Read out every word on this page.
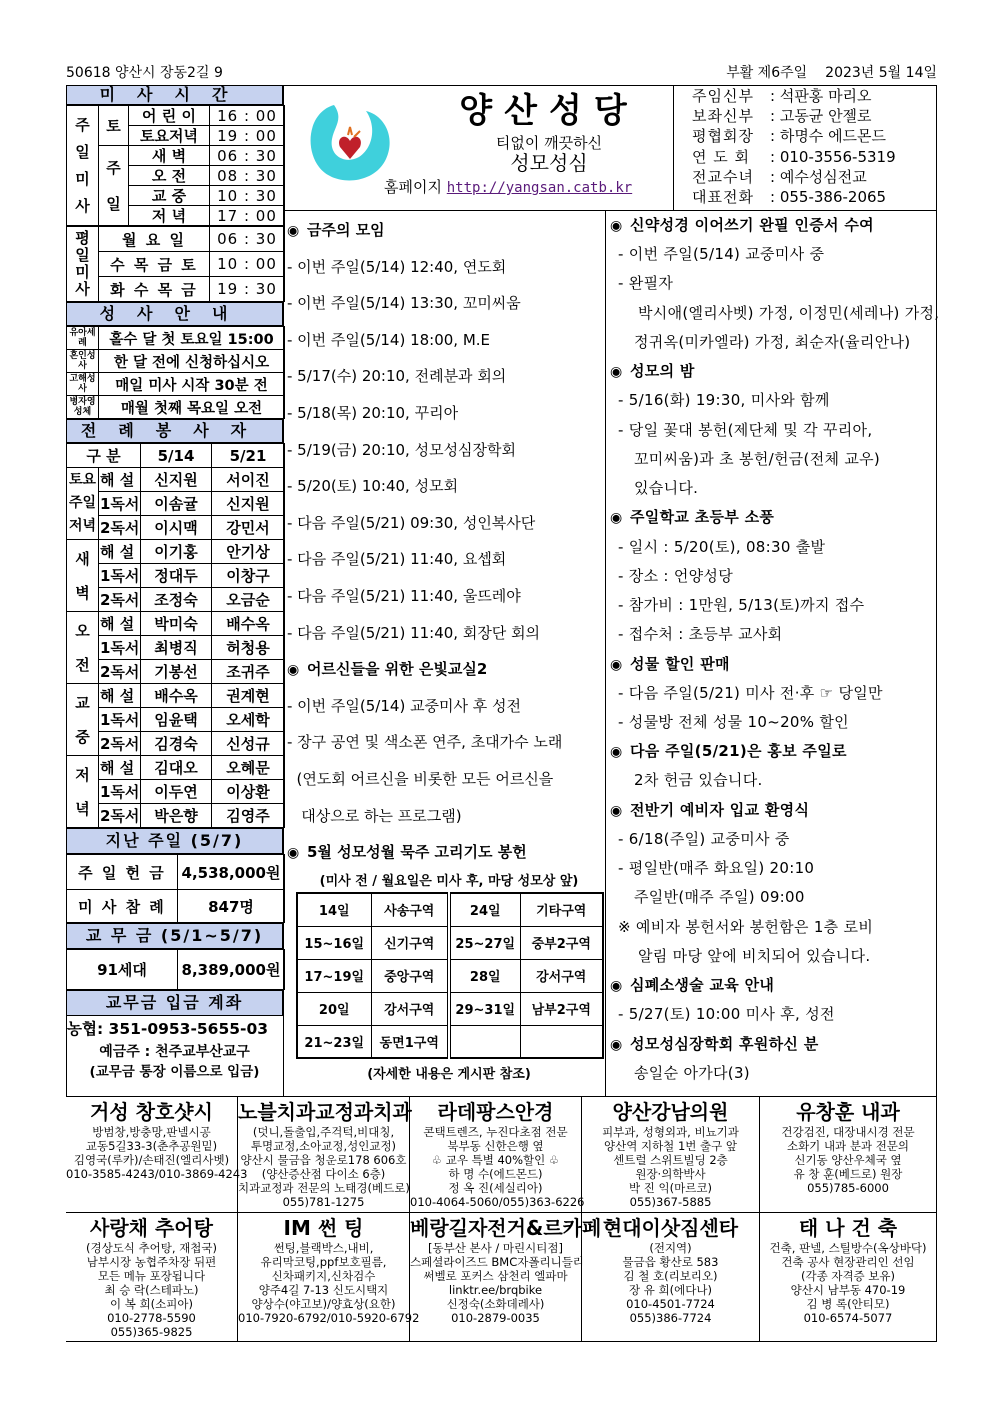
50618 양산시 장동2길 9	부활 제6주일 2023년 5월 14일
미사시간
주일미사	토	어 린 이	16 : 00
		토요저녁	19 : 00
	주일	새 벽	06 : 30
		오 전	08 : 30
		교 중	10 : 30
		저 녁	17 : 00
평일미사	월 요 일	06 : 30
	수 목 금 토	10 : 00
	화 수 목 금	19 : 30
성사안내
유아세례	홀수 달 첫 토요일 15:00
혼인성사	한 달 전에 신청하십시오
고해성사	매일 미사 시작 30분 전
병자영성체	매월 첫째 목요일 오전
전례봉사자
구 분		5/14	5/21
토요주일저녁	해 설	신지원	서이진
	1독서	이솜귤	신지원
	2독서	이시맥	강민서
새벽	해 설	이기홍	안기상
	1독서	정대두	이창구
	2독서	조정숙	오금순
오전	해 설	박미숙	배수옥
	1독서	최병직	허청용
	2독서	기봉선	조귀주
교중	해 설	배수옥	권계현
	1독서	임윤택	오세학
	2독서	김경숙	신성규
저녁	해 설	김대오	오혜문
	1독서	이두연	이상환
	2독서	박은향	김영주
지난 주일 (5/7)
주 일 헌 금	4,538,000원
미 사 참 례	847명
교 무 금 (5/1~5/7)
91세대	8,389,000원
교무금 입금 계좌
농협: 351-0953-5655-03
예금주 : 천주교부산교구
(교무금 통장 이름으로 입금)
양산성당
티없이 깨끗하신
성모성심
홈페이지 http://yangsan.catb.kr
주임신부 : 석판홍 마리오
보좌신부 : 고동균 안젤로
평협회장 : 하명수 에드몬드
연 도 회 : 010-3556-5319
전교수녀 : 예수성심전교
대표전화 : 055-386-2065
◉ 금주의 모임
- 이번 주일(5/14) 12:40, 연도회
- 이번 주일(5/14) 13:30, 꼬미씨움
- 이번 주일(5/14) 18:00, M.E
- 5/17(수) 20:10, 전례분과 회의
- 5/18(목) 20:10, 꾸리아
- 5/19(금) 20:10, 성모성심장학회
- 5/20(토) 10:40, 성모회
- 다음 주일(5/21) 09:30, 성인복사단
- 다음 주일(5/21) 11:40, 요셉회
- 다음 주일(5/21) 11:40, 울뜨레야
- 다음 주일(5/21) 11:40, 회장단 회의
◉ 어르신들을 위한 은빛교실2
- 이번 주일(5/14) 교중미사 후 성전
- 장구 공연 및 색소폰 연주, 초대가수 노래
(연도회 어르신을 비롯한 모든 어르신을
대상으로 하는 프로그램)
◉ 5월 성모성월 묵주 고리기도 봉헌
(미사 전 / 월요일은 미사 후, 마당 성모상 앞)
14일	사송구역	24일	기타구역
15~16일	신기구역	25~27일	중부2구역
17~19일	중앙구역	28일	강서구역
20일	강서구역	29~31일	남부2구역
21~23일	동면1구역		
(자세한 내용은 게시판 참조)
◉ 신약성경 이어쓰기 완필 인증서 수여
- 이번 주일(5/14) 교중미사 중
- 완필자
박시애(엘리사벳) 가정, 이정민(세레나) 가정,
정귀옥(미카엘라) 가정, 최순자(율리안나)
◉ 성모의 밤
- 5/16(화) 19:30, 미사와 함께
- 당일 꽃대 봉헌(제단체 및 각 꾸리아,
꼬미씨움)과 초 봉헌/헌금(전체 교우)
있습니다.
◉ 주일학교 초등부 소풍
- 일시 : 5/20(토), 08:30 출발
- 장소 : 언양성당
- 참가비 : 1만원, 5/13(토)까지 접수
- 접수처 : 초등부 교사회
◉ 성물 할인 판매
- 다음 주일(5/21) 미사 전·후 ☞ 당일만
- 성물방 전체 성물 10~20% 할인
◉ 다음 주일(5/21)은 홍보 주일로
2차 헌금 있습니다.
◉ 전반기 예비자 입교 환영식
- 6/18(주일) 교중미사 중
- 평일반(매주 화요일) 20:10
주일반(매주 주일) 09:00
※ 예비자 봉헌서와 봉헌함은 1층 로비
알림 마당 앞에 비치되어 있습니다.
◉ 심폐소생술 교육 안내
- 5/27(토) 10:00 미사 후, 성전
◉ 성모성심장학회 후원하신 분
송일순 아가다(3)
거성 창호샷시
방범창,방충망,판넬시공
교동5길33-3(춘추공원밑)
김영국(루카)/손태진(엘리사벳)
010-3585-4243/010-3869-4243
노블치과교정과치과
(덧니,돌출입,주걱턱,비대칭,
투명교정,소아교정,성인교정)
양산시 물금읍 청운로178 606호
(양산증산점 다이소 6층)
치과교정과 전문의 노태경(베드로)
055)781-1275
라데팡스안경
콘택트렌즈, 누진다초점 전문
북부동 신한은행 옆
♧ 교우 특별 40%할인 ♧
하 명 수(에드몬드)
정 옥 진(세실리아)
010-4064-5060/055)363-6226
양산강남의원
피부과, 성형외과, 비뇨기과
양산역 지하철 1번 출구 앞
센트럴 스위트빌딩 2층
원장·의학박사
박 진 익(마르코)
055)367-5885
유창훈 내과
건강검진, 대장내시경 전문
소화기 내과 분과 전문의
신기동 양산우체국 옆
유 창 훈(베드로) 원장
055)785-6000
사랑채 추어탕
(경상도식 추어탕, 재첩국)
남부시장 농협주차장 뒤편
모든 메뉴 포장됩니다
최 승 락(스테파노)
이 복 희(소피아)
010-2778-5590
055)365-9825
IM 썬 팅
썬팅,블랙박스,내비,
유리막코팅,ppf보호필름,
신차패키지,신차검수
양주4길 7-13 신도시택지
양상수(야고보)/양효상(요한)
010-7920-6792/010-5920-6792
베랑길자전거&르카페
[동부산 본사 / 마린시티점]
스페셜라이즈드 BMC자폴리니들리
써벨로 포커스 삼천리 엘파마
linktr.ee/brqbike
신정숙(소화데레사)
010-2879-0035
현대이삿짐센타
(전지역)
물금읍 황산로 583
김 철 호(리보리오)
장 유 희(에다나)
010-4501-7724
055)386-7724
태 나 건 축
건축, 판넬, 스틸방수(옥상바닥)
건축 공사 현장관리인 선임
(각종 자격증 보유)
양산시 남부동 470-19
김 병 록(안티모)
010-6574-5077
